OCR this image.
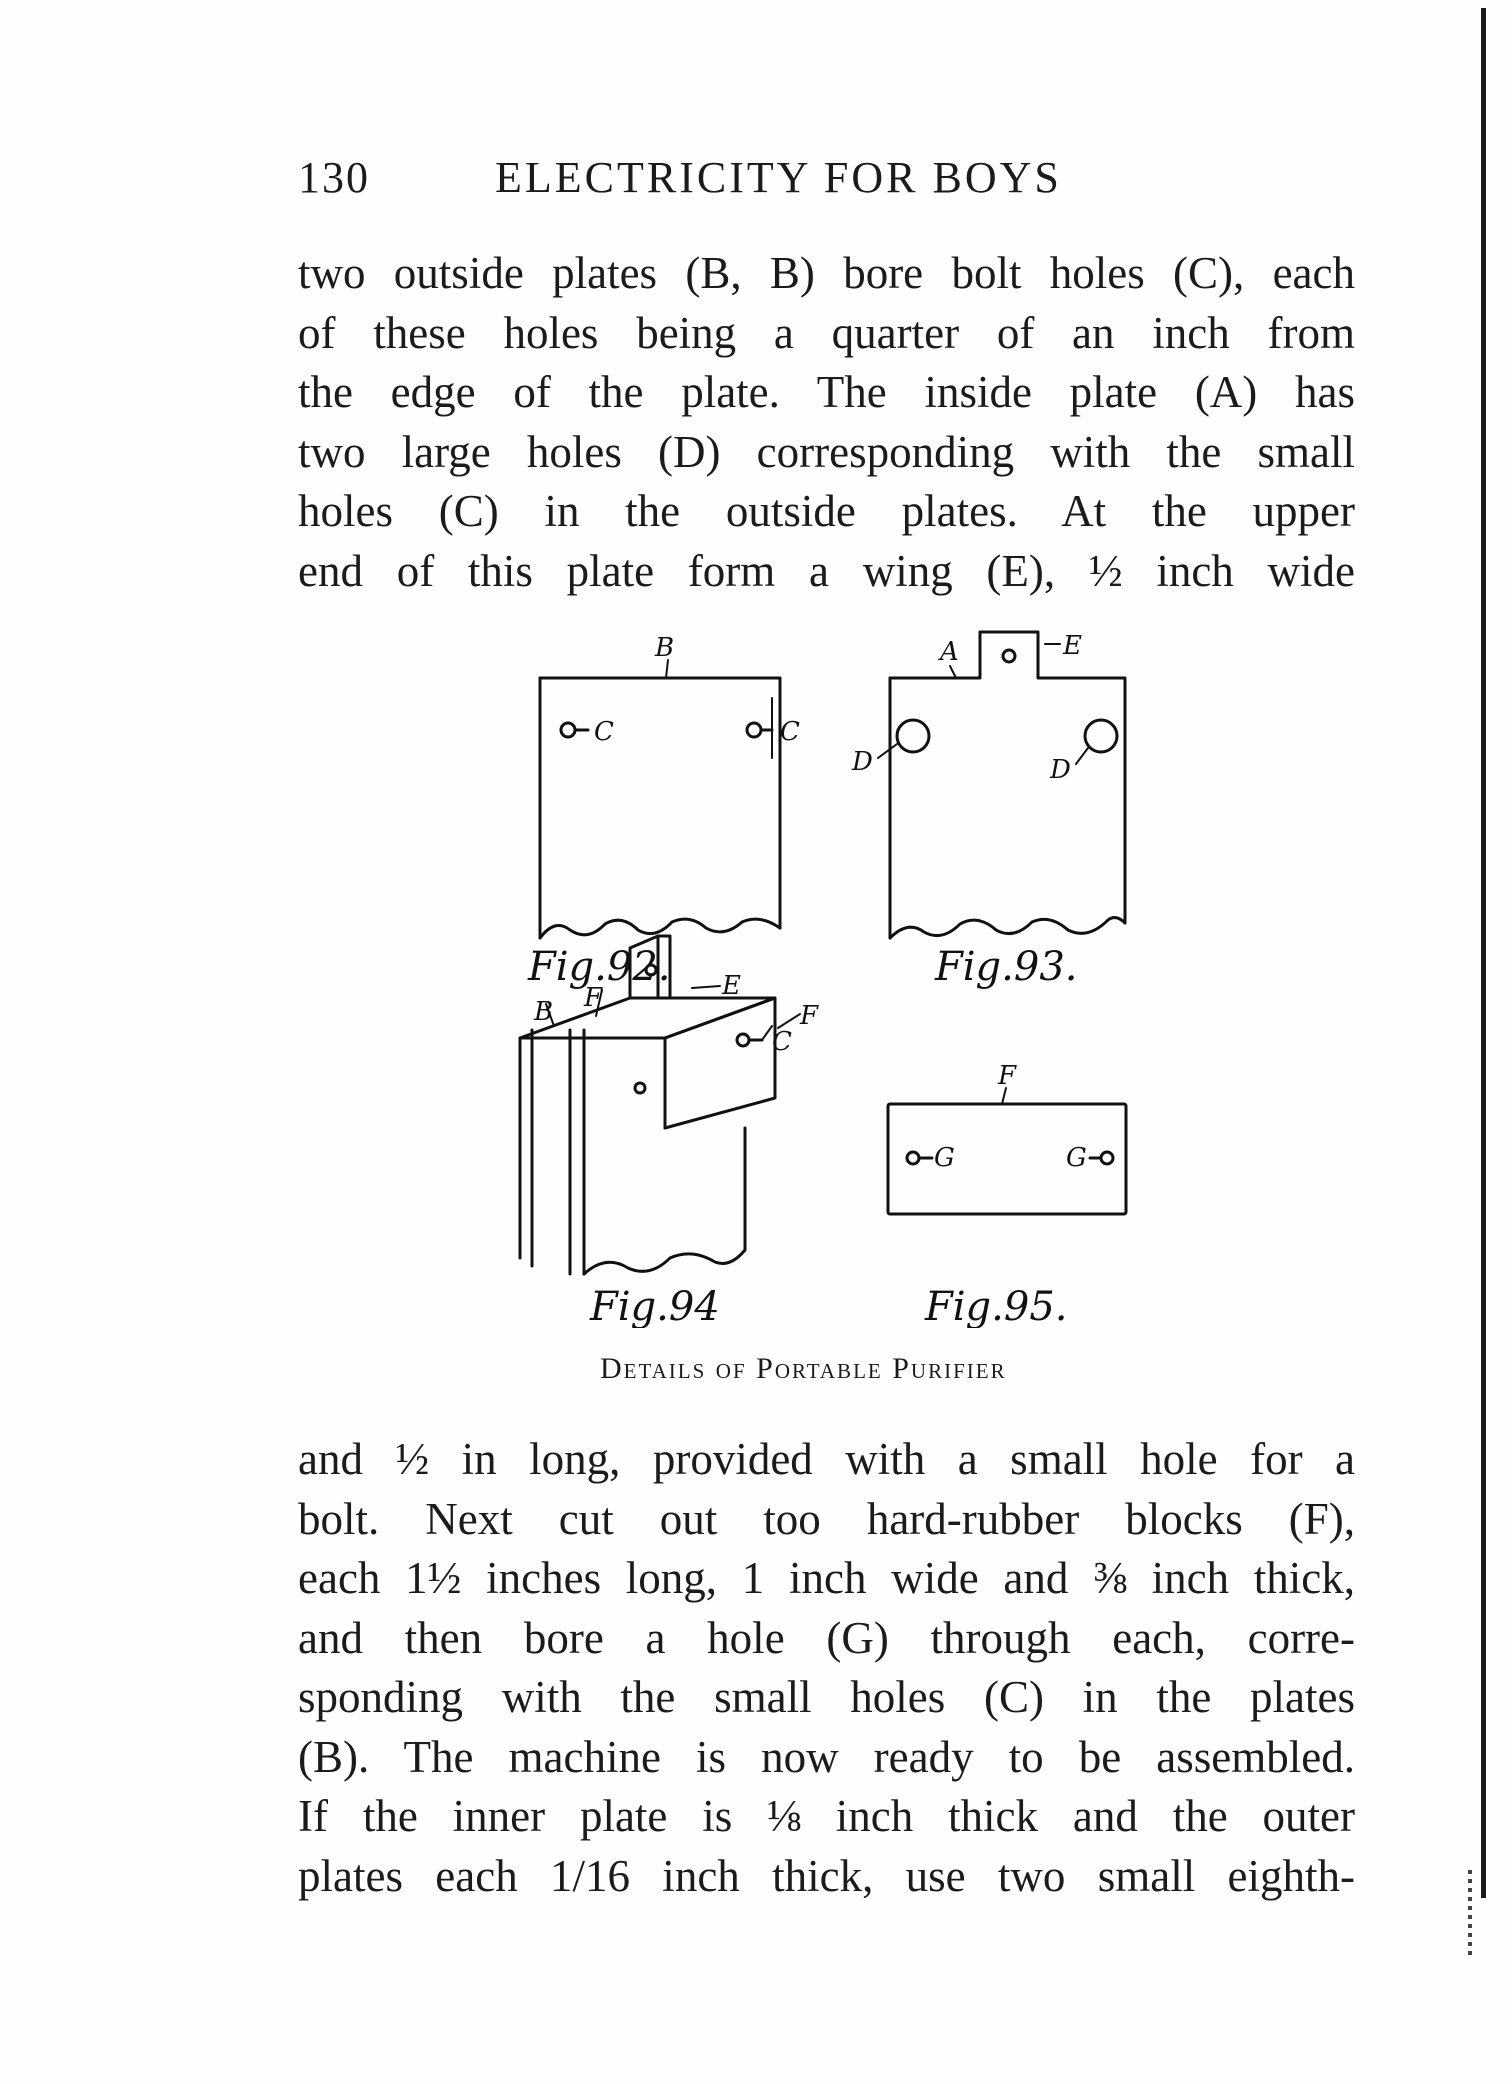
130	ELECTRICITY FOR BOYS
two outside plates (B, B) bore bolt holes (C), each
of these holes being a quarter of an inch from
the edge of the plate. The inside plate (A) has
two large holes (D) corresponding with the small
holes (C) in the outside plates. At the upper
end of this plate form a wing (E), ½ inch wide
Fig.92.	Fig.93.
Fig.94	Fig.95.
B
C	C
A	E
D	D
B F	E
F
C
F
G	G
Details of Portable Purifier
and ½ in long, provided with a small hole for a
bolt. Next cut out too hard-rubber blocks (F),
each 1½ inches long, 1 inch wide and ⅜ inch thick,
and then bore a hole (G) through each, corre-
sponding with the small holes (C) in the plates
(B). The machine is now ready to be assembled.
If the inner plate is ⅛ inch thick and the outer
plates each 1/16 inch thick, use two small eighth-
